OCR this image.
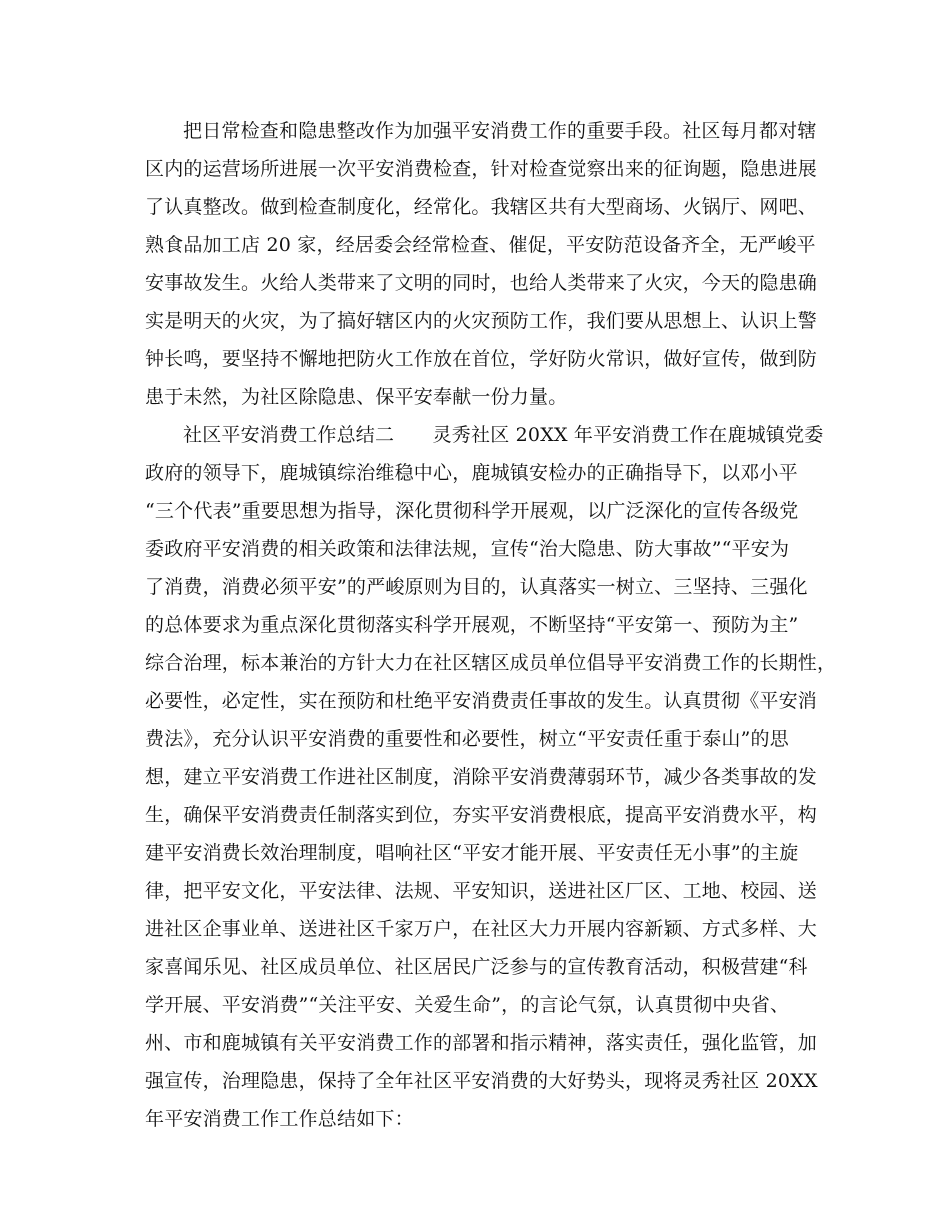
把日常检查和隐患整改作为加强平安消费工作的重要手段。社区每月都对辖
区内的运营场所进展一次平安消费检查，针对检查觉察出来的征询题，隐患进展
了认真整改。做到检查制度化，经常化。我辖区共有大型商场、火锅厅、网吧、
熟食品加工店 20 家，经居委会经常检查、催促，平安防范设备齐全，无严峻平
安事故发生。火给人类带来了文明的同时，也给人类带来了火灾，今天的隐患确
实是明天的火灾，为了搞好辖区内的火灾预防工作，我们要从思想上、认识上警
钟长鸣，要坚持不懈地把防火工作放在首位，学好防火常识，做好宣传，做到防
患于未然，为社区除隐患、保平安奉献一份力量。
社区平安消费工作总结二　　灵秀社区 20XX 年平安消费工作在鹿城镇党委
政府的领导下，鹿城镇综治维稳中心，鹿城镇安检办的正确指导下，以邓小平
“三个代表”重要思想为指导，深化贯彻科学开展观，以广泛深化的宣传各级党
委政府平安消费的相关政策和法律法规，宣传“治大隐患、防大事故”“平安为
了消费，消费必须平安”的严峻原则为目的，认真落实一树立、三坚持、三强化
的总体要求为重点深化贯彻落实科学开展观，不断坚持“平安第一、预防为主”
综合治理，标本兼治的方针大力在社区辖区成员单位倡导平安消费工作的长期性，
必要性，必定性，实在预防和杜绝平安消费责任事故的发生。认真贯彻《平安消
费法》，充分认识平安消费的重要性和必要性，树立“平安责任重于泰山”的思
想，建立平安消费工作进社区制度，消除平安消费薄弱环节，减少各类事故的发
生，确保平安消费责任制落实到位，夯实平安消费根底，提高平安消费水平，构
建平安消费长效治理制度，唱响社区“平安才能开展、平安责任无小事”的主旋
律，把平安文化，平安法律、法规、平安知识，送进社区厂区、工地、校园、送
进社区企事业单、送进社区千家万户，在社区大力开展内容新颖、方式多样、大
家喜闻乐见、社区成员单位、社区居民广泛参与的宣传教育活动，积极营建“科
学开展、平安消费”“关注平安、关爱生命”，的言论气氛，认真贯彻中央省、
州、市和鹿城镇有关平安消费工作的部署和指示精神，落实责任，强化监管，加
强宣传，治理隐患，保持了全年社区平安消费的大好势头，现将灵秀社区 20XX
年平安消费工作工作总结如下：
